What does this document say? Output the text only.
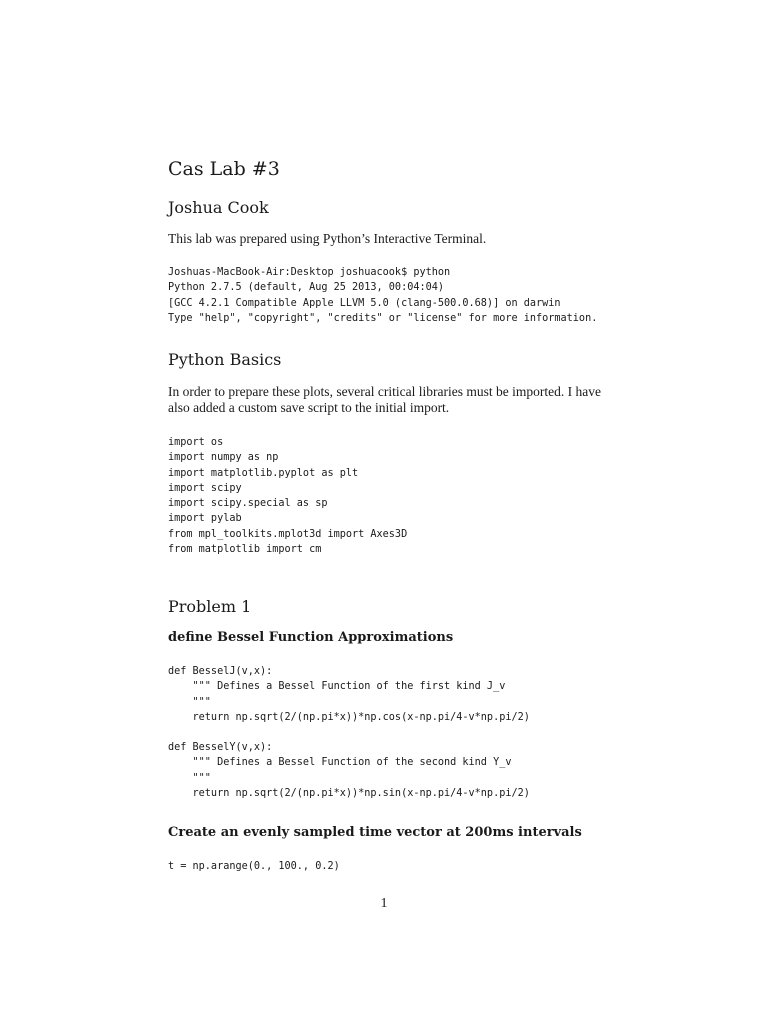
Cas Lab #3
Joshua Cook

This lab was prepared using Python’s Interactive Terminal.

Joshuas-MacBook-Air:Desktop joshuacook$ python
Python 2.7.5 (default, Aug 25 2013, 00:04:04)
[GCC 4.2.1 Compatible Apple LLVM 5.0 (clang-500.0.68)] on darwin
Type "help", "copyright", "credits" or "license" for more information.
Python Basics

In order to prepare these plots, several critical libraries must be imported. I have also added a custom save script to the initial import.

import os
import numpy as np
import matplotlib.pyplot as plt
import scipy
import scipy.special as sp
import pylab
from mpl_toolkits.mplot3d import Axes3D
from matplotlib import cm
Problem 1
define Bessel Function Approximations
def BesselJ(v,x):
""" Defines a Bessel Function of the first kind J_v
"""
return np.sqrt(2/(np.pi*x))*np.cos(x-np.pi/4-v*np.pi/2)
def BesselY(v,x):
""" Defines a Bessel Function of the second kind Y_v
"""
return np.sqrt(2/(np.pi*x))*np.sin(x-np.pi/4-v*np.pi/2)
Create an evenly sampled time vector at 200ms intervals
t = np.arange(0., 100., 0.2)
1
